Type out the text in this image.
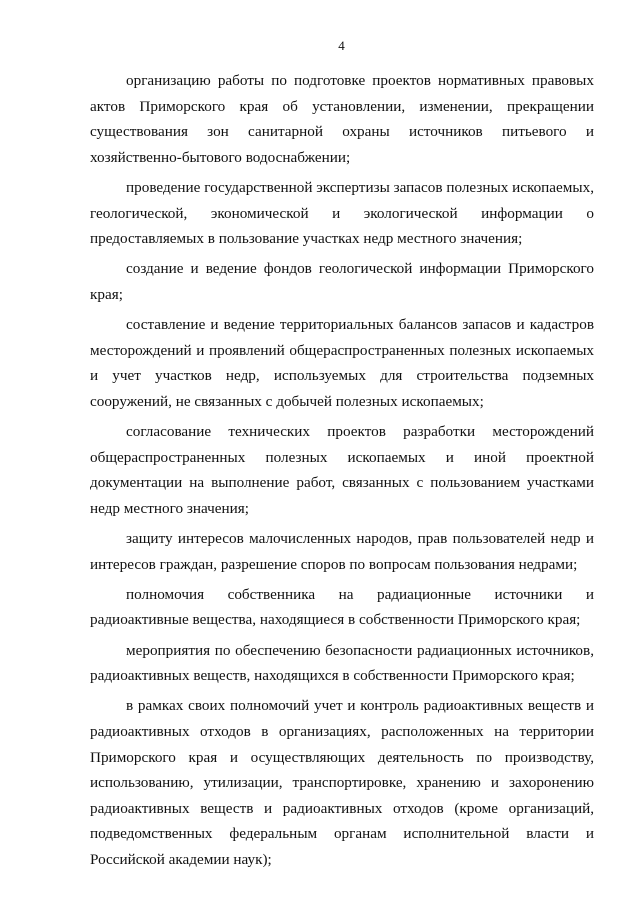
4

организацию работы по подготовке проектов нормативных правовых актов Приморского края об установлении, изменении, прекращении существования зон санитарной охраны источников питьевого и хозяйственно-бытового водоснабжении;

проведение государственной экспертизы запасов полезных ископаемых, геологической, экономической и экологической информации о предоставляемых в пользование участках недр местного значения;

создание и ведение фондов геологической информации Приморского края;

составление и ведение территориальных балансов запасов и кадастров месторождений и проявлений общераспространенных полезных ископаемых и учет участков недр, используемых для строительства подземных сооружений, не связанных с добычей полезных ископаемых;

согласование технических проектов разработки месторождений общераспространенных полезных ископаемых и иной проектной документации на выполнение работ, связанных с пользованием участками недр местного значения;

защиту интересов малочисленных народов, прав пользователей недр и интересов граждан, разрешение споров по вопросам пользования недрами;

полномочия собственника на радиационные источники и радиоактивные вещества, находящиеся в собственности Приморского края;

мероприятия по обеспечению безопасности радиационных источников, радиоактивных веществ, находящихся в собственности Приморского края;

в рамках своих полномочий учет и контроль радиоактивных веществ и радиоактивных отходов в организациях, расположенных на территории Приморского края и осуществляющих деятельность по производству, использованию, утилизации, транспортировке, хранению и захоронению радиоактивных веществ и радиоактивных отходов (кроме организаций, подведомственных федеральным органам исполнительной власти и Российской академии наук);
